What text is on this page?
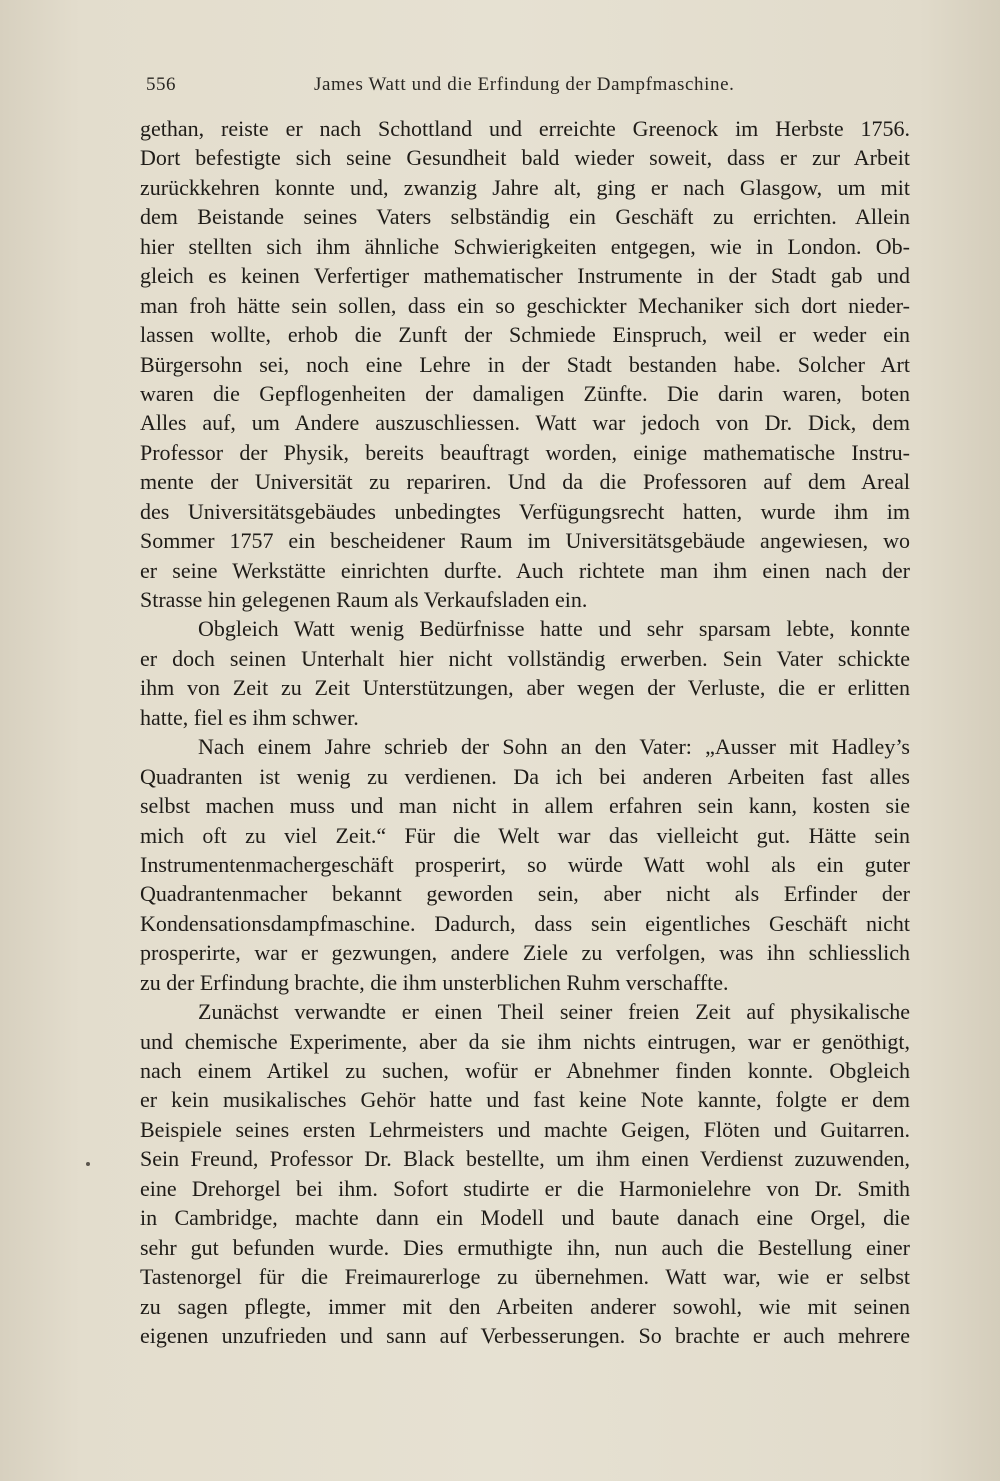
556	James Watt und die Erfindung der Dampfmaschine.
gethan, reiste er nach Schottland und erreichte Greenock im Herbste 1756.
Dort befestigte sich seine Gesundheit bald wieder soweit, dass er zur Arbeit
zurückkehren konnte und, zwanzig Jahre alt, ging er nach Glasgow, um mit
dem Beistande seines Vaters selbständig ein Geschäft zu errichten. Allein
hier stellten sich ihm ähnliche Schwierigkeiten entgegen, wie in London. Ob-
gleich es keinen Verfertiger mathematischer Instrumente in der Stadt gab und
man froh hätte sein sollen, dass ein so geschickter Mechaniker sich dort nieder-
lassen wollte, erhob die Zunft der Schmiede Einspruch, weil er weder ein
Bürgersohn sei, noch eine Lehre in der Stadt bestanden habe. Solcher Art
waren die Gepflogenheiten der damaligen Zünfte. Die darin waren, boten
Alles auf, um Andere auszuschliessen. Watt war jedoch von Dr. Dick, dem
Professor der Physik, bereits beauftragt worden, einige mathematische Instru-
mente der Universität zu repariren. Und da die Professoren auf dem Areal
des Universitätsgebäudes unbedingtes Verfügungsrecht hatten, wurde ihm im
Sommer 1757 ein bescheidener Raum im Universitätsgebäude angewiesen, wo
er seine Werkstätte einrichten durfte. Auch richtete man ihm einen nach der
Strasse hin gelegenen Raum als Verkaufsladen ein.
Obgleich Watt wenig Bedürfnisse hatte und sehr sparsam lebte, konnte
er doch seinen Unterhalt hier nicht vollständig erwerben. Sein Vater schickte
ihm von Zeit zu Zeit Unterstützungen, aber wegen der Verluste, die er erlitten
hatte, fiel es ihm schwer.
Nach einem Jahre schrieb der Sohn an den Vater: „Ausser mit Hadley’s
Quadranten ist wenig zu verdienen. Da ich bei anderen Arbeiten fast alles
selbst machen muss und man nicht in allem erfahren sein kann, kosten sie
mich oft zu viel Zeit.“ Für die Welt war das vielleicht gut. Hätte sein
Instrumentenmachergeschäft prosperirt, so würde Watt wohl als ein guter
Quadrantenmacher bekannt geworden sein, aber nicht als Erfinder der
Kondensationsdampfmaschine. Dadurch, dass sein eigentliches Geschäft nicht
prosperirte, war er gezwungen, andere Ziele zu verfolgen, was ihn schliesslich
zu der Erfindung brachte, die ihm unsterblichen Ruhm verschaffte.
Zunächst verwandte er einen Theil seiner freien Zeit auf physikalische
und chemische Experimente, aber da sie ihm nichts eintrugen, war er genöthigt,
nach einem Artikel zu suchen, wofür er Abnehmer finden konnte. Obgleich
er kein musikalisches Gehör hatte und fast keine Note kannte, folgte er dem
Beispiele seines ersten Lehrmeisters und machte Geigen, Flöten und Guitarren.
Sein Freund, Professor Dr. Black bestellte, um ihm einen Verdienst zuzuwenden,
eine Drehorgel bei ihm. Sofort studirte er die Harmonielehre von Dr. Smith
in Cambridge, machte dann ein Modell und baute danach eine Orgel, die
sehr gut befunden wurde. Dies ermuthigte ihn, nun auch die Bestellung einer
Tastenorgel für die Freimaurerloge zu übernehmen. Watt war, wie er selbst
zu sagen pflegte, immer mit den Arbeiten anderer sowohl, wie mit seinen
eigenen unzufrieden und sann auf Verbesserungen. So brachte er auch mehrere
